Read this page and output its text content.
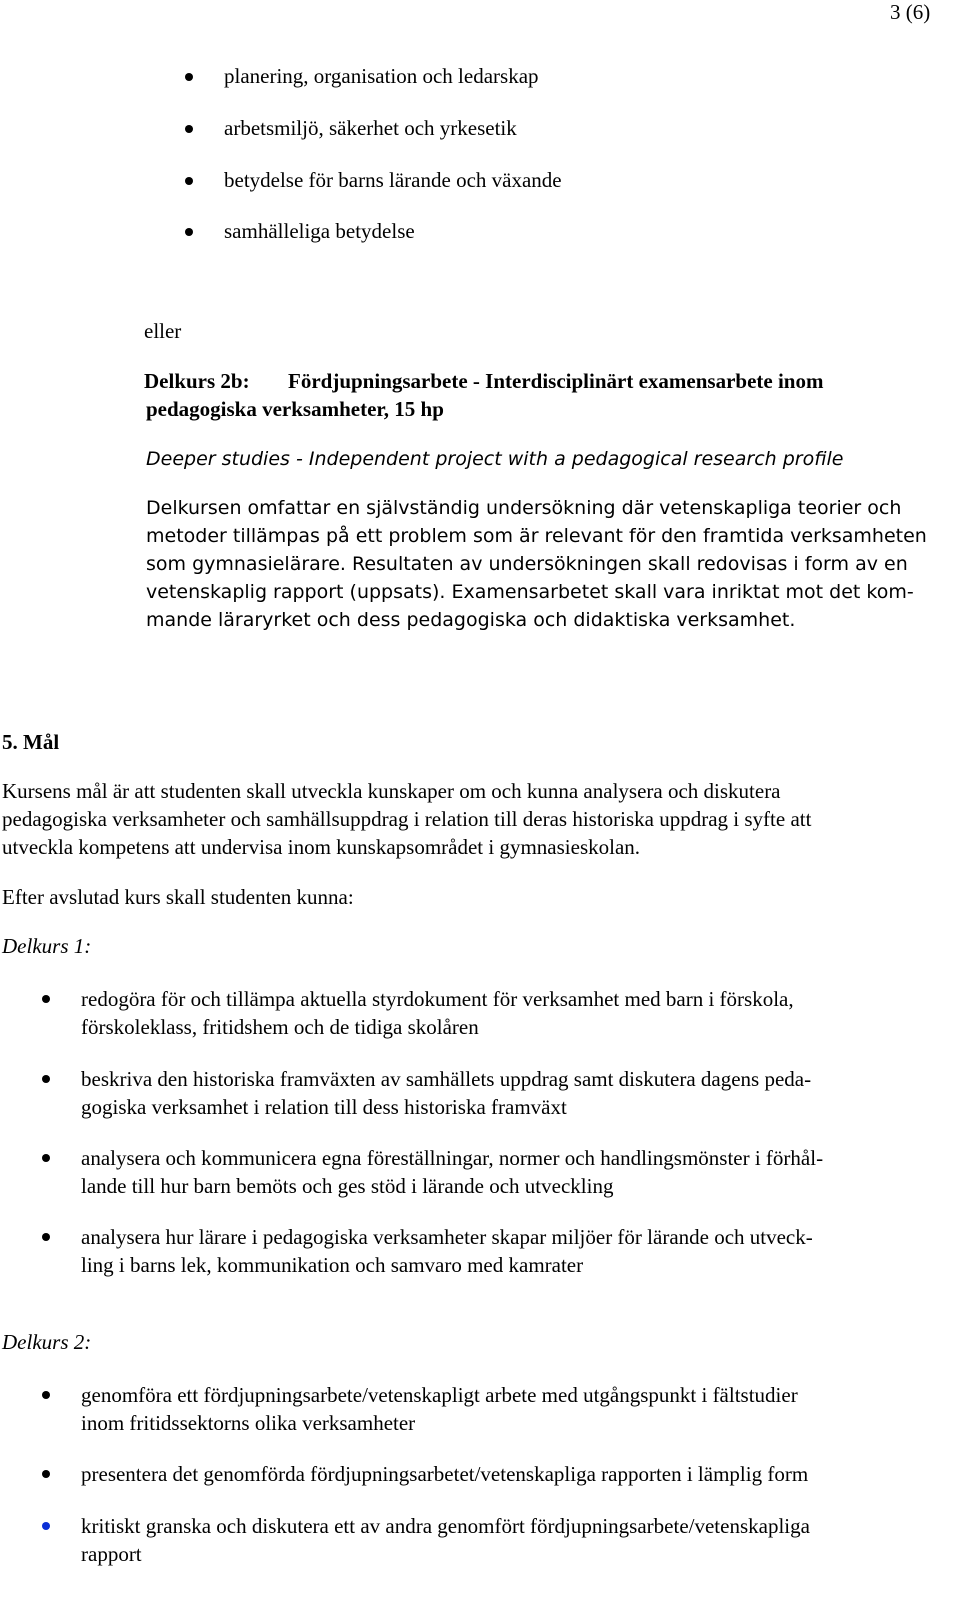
3 (6)
planering, organisation och ledarskap
arbetsmiljö, säkerhet och yrkesetik
betydelse för barns lärande och växande
samhälleliga betydelse
eller
Delkurs 2b: Fördjupningsarbete - Interdisciplinärt examensarbete inom
pedagogiska verksamheter, 15 hp
Deeper studies - Independent project with a pedagogical research profile
Delkursen omfattar en självständig undersökning där vetenskapliga teorier och
metoder tillämpas på ett problem som är relevant för den framtida verksamheten
som gymnasielärare. Resultaten av undersökningen skall redovisas i form av en
vetenskaplig rapport (uppsats). Examensarbetet skall vara inriktat mot det kom-
mande läraryrket och dess pedagogiska och didaktiska verksamhet.
5. Mål
Kursens mål är att studenten skall utveckla kunskaper om och kunna analysera och diskutera
pedagogiska verksamheter och samhällsuppdrag i relation till deras historiska uppdrag i syfte att
utveckla kompetens att undervisa inom kunskapsområdet i gymnasieskolan.
Efter avslutad kurs skall studenten kunna:
Delkurs 1:
redogöra för och tillämpa aktuella styrdokument för verksamhet med barn i förskola,
förskoleklass, fritidshem och de tidiga skolåren
beskriva den historiska framväxten av samhällets uppdrag samt diskutera dagens peda-
gogiska verksamhet i relation till dess historiska framväxt
analysera och kommunicera egna föreställningar, normer och handlingsmönster i förhål-
lande till hur barn bemöts och ges stöd i lärande och utveckling
analysera hur lärare i pedagogiska verksamheter skapar miljöer för lärande och utveck-
ling i barns lek, kommunikation och samvaro med kamrater
Delkurs 2:
genomföra ett fördjupningsarbete/vetenskapligt arbete med utgångspunkt i fältstudier
inom fritidssektorns olika verksamheter
presentera det genomförda fördjupningsarbetet/vetenskapliga rapporten i lämplig form
kritiskt granska och diskutera ett av andra genomfört fördjupningsarbete/vetenskapliga
rapport
